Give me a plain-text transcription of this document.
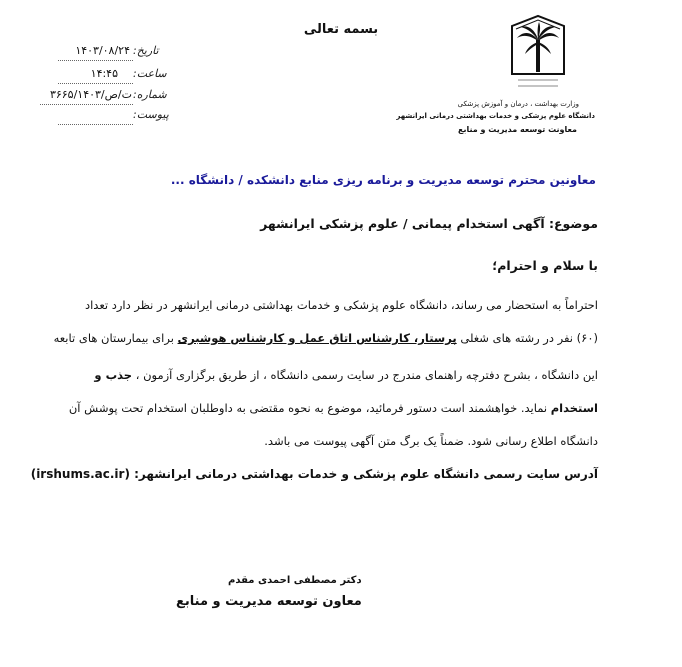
بسمه تعالی
تاریخ:
۱۴۰۳/۰۸/۲۴
ساعت:
۱۴:۴۵
شماره:
۳۶۶۵/ت/ص/۱۴۰۳
پیوست:
وزارت بهداشت ، درمان و آموزش پزشکی
دانشگاه علوم پزشکی و خدمات بهداشتی درمانی ایرانشهر
معاونت توسعه مدیریت و منابع
معاونین محترم توسعه مدیریت و برنامه ریزی منابع دانشکده / دانشگاه ...
موضوع: آگهی استخدام پیمانی / علوم پزشکی ایرانشهر
با سلام و احترام؛
احتراماً به استحضار می رساند، دانشگاه علوم پزشکی و خدمات بهداشتی درمانی ایرانشهر در نظر دارد تعداد
(۶۰) نفر در رشته های شغلی پرستار، کارشناس اتاق عمل و کارشناس هوشبری برای بیمارستان های تابعه
این دانشگاه ، بشرح دفترچه راهنمای مندرج در سایت رسمی دانشگاه ، از طریق برگزاری آزمون ، جذب و
استخدام نماید. خواهشمند است دستور فرمائید، موضوع به نحوه مقتضی به داوطلبان استخدام تحت پوشش آن
دانشگاه اطلاع رسانی شود. ضمناً یک برگ متن آگهی پیوست می باشد.
آدرس سایت رسمی دانشگاه علوم پزشکی و خدمات بهداشتی درمانی ایرانشهر: (irshums.ac.ir)
دکتر مصطفی احمدی مقدم
معاون توسعه مدیریت و منابع
